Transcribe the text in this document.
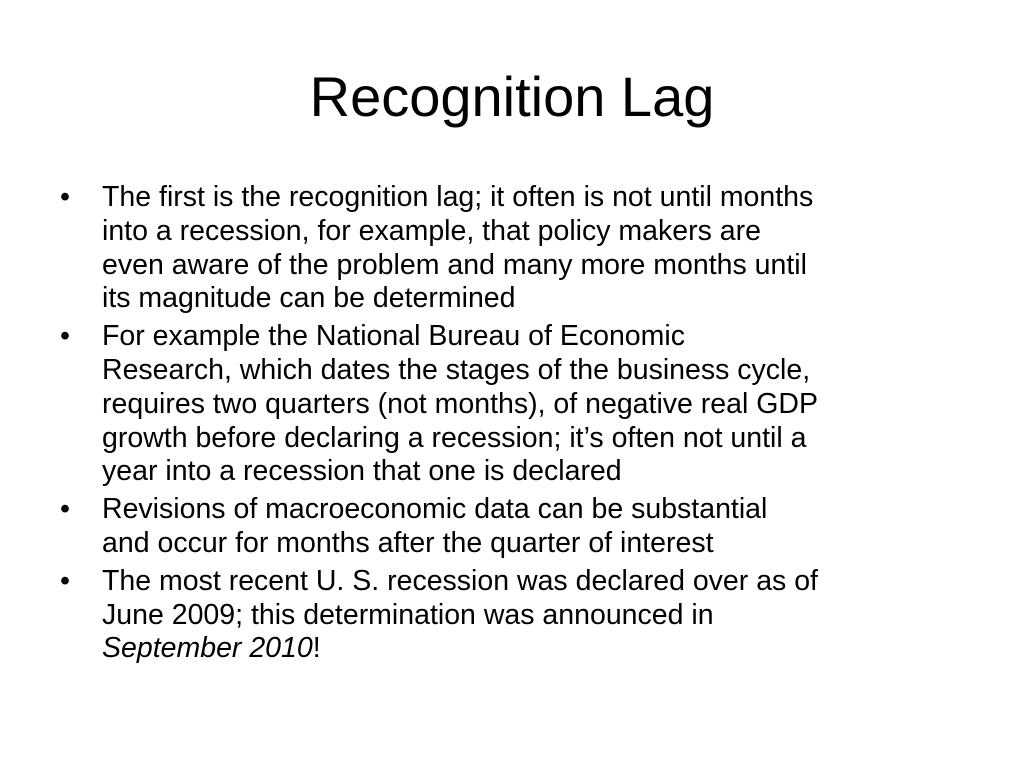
Recognition Lag
• The first is the recognition lag; it often is not until months
into a recession, for example, that policy makers are
even aware of the problem and many more months until
its magnitude can be determined
• For example the National Bureau of Economic
Research, which dates the stages of the business cycle,
requires two quarters (not months), of negative real GDP
growth before declaring a recession; it’s often not until a
year into a recession that one is declared
• Revisions of macroeconomic data can be substantial
and occur for months after the quarter of interest
• The most recent U. S. recession was declared over as of
June 2009; this determination was announced in
September 2010!
